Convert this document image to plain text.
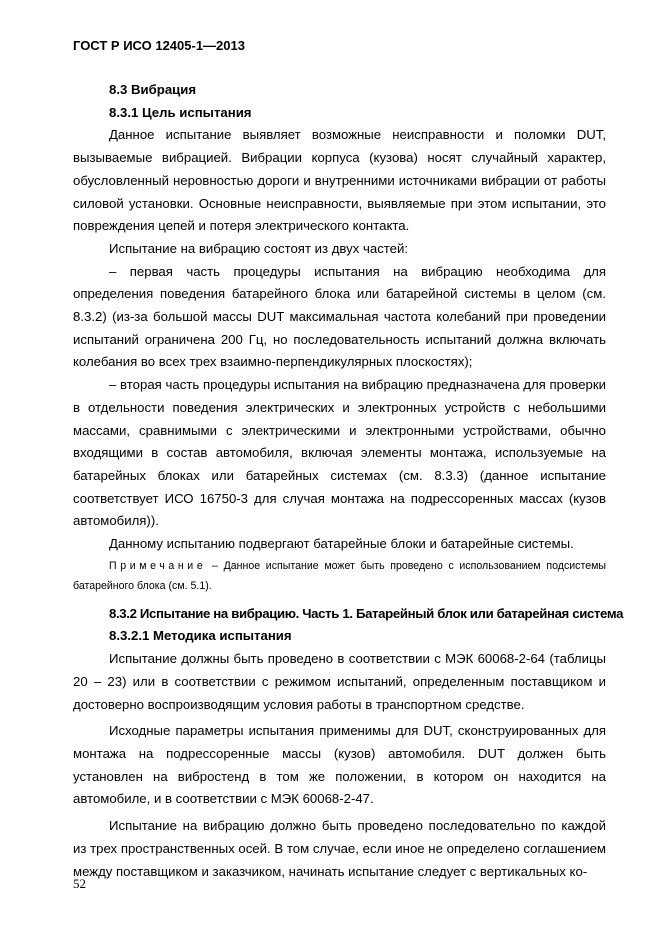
ГОСТ Р ИСО 12405-1—2013
8.3 Вибрация
8.3.1 Цель испытания

Данное испытание выявляет возможные неисправности и поломки DUT, вызываемые вибрацией. Вибрации корпуса (кузова) носят случайный характер, обусловленный неровностью дороги и внутренними источниками вибрации от работы силовой установки. Основные неисправности, выявляемые при этом испытании, это повреждения цепей и потеря электрического контакта.

Испытание на вибрацию состоят из двух частей:

– первая часть процедуры испытания на вибрацию необходима для определения поведения батарейного блока или батарейной системы в целом (см. 8.3.2) (из-за большой массы DUT максимальная частота колебаний при проведении испытаний ограничена 200 Гц, но последовательность испытаний должна включать колебания во всех трех взаимно-перпендикулярных плоскостях);

– вторая часть процедуры испытания на вибрацию предназначена для проверки в отдельности поведения электрических и электронных устройств с небольшими массами, сравнимыми с электрическими и электронными устройствами, обычно входящими в состав автомобиля, включая элементы монтажа, используемые на батарейных блоках или батарейных системах (см. 8.3.3) (данное испытание соответствует ИСО 16750-3 для случая монтажа на подрессоренных массах (кузов автомобиля)).

Данному испытанию подвергают батарейные блоки и батарейные системы.

Примечание – Данное испытание может быть проведено с использованием подсистемы батарейного блока (см. 5.1).

8.3.2 Испытание на вибрацию. Часть 1. Батарейный блок или батарейная система
8.3.2.1 Методика испытания

Испытание должны быть проведено в соответствии с МЭК 60068-2-64 (таблицы 20 – 23) или в соответствии с режимом испытаний, определенным поставщиком и достоверно воспроизводящим условия работы в транспортном средстве.

Исходные параметры испытания применимы для DUT, сконструированных для монтажа на подрессоренные массы (кузов) автомобиля. DUT должен быть установлен на вибростенд в том же положении, в котором он находится на автомобиле, и в соответствии с МЭК 60068-2-47.

Испытание на вибрацию должно быть проведено последовательно по каждой из трех пространственных осей. В том случае, если иное не определено соглашением между поставщиком и заказчиком, начинать испытание следует с вертикальных ко-

52
